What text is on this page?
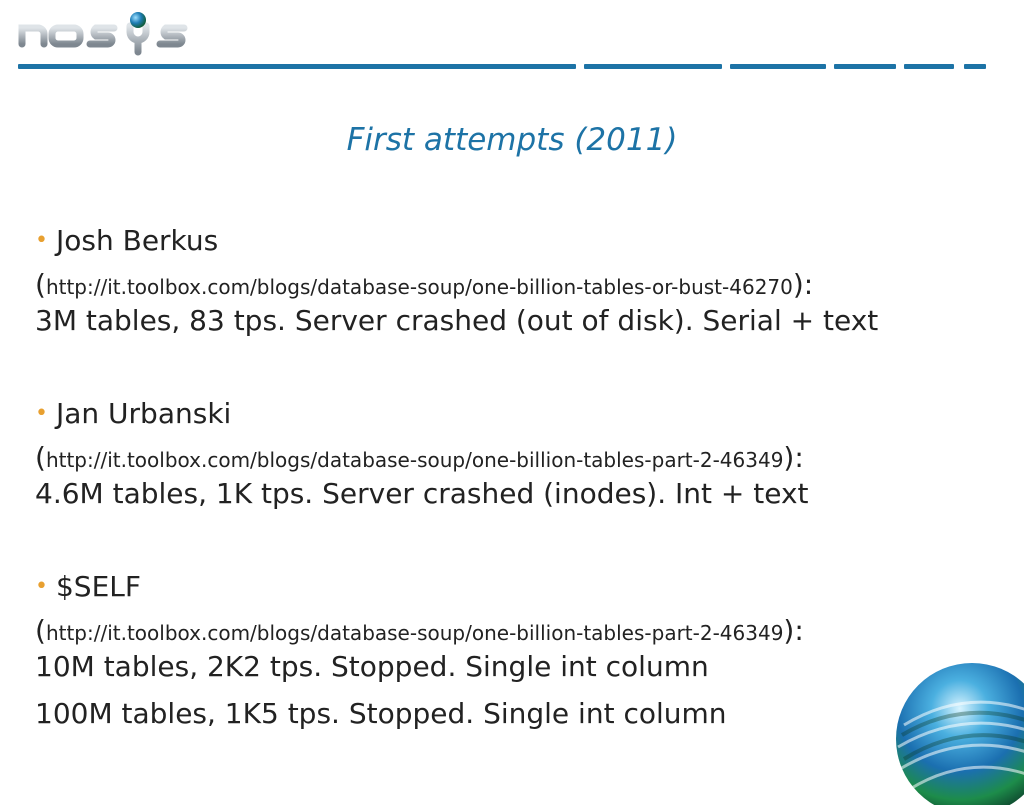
First attempts (2011)
• Josh Berkus
(http://it.toolbox.com/blogs/database-soup/one-billion-tables-or-bust-46270):
3M tables, 83 tps. Server crashed (out of disk). Serial + text
• Jan Urbanski
(http://it.toolbox.com/blogs/database-soup/one-billion-tables-part-2-46349):
4.6M tables, 1K tps. Server crashed (inodes). Int + text
• $SELF
(http://it.toolbox.com/blogs/database-soup/one-billion-tables-part-2-46349):
10M tables, 2K2 tps. Stopped. Single int column
100M tables, 1K5 tps. Stopped. Single int column
